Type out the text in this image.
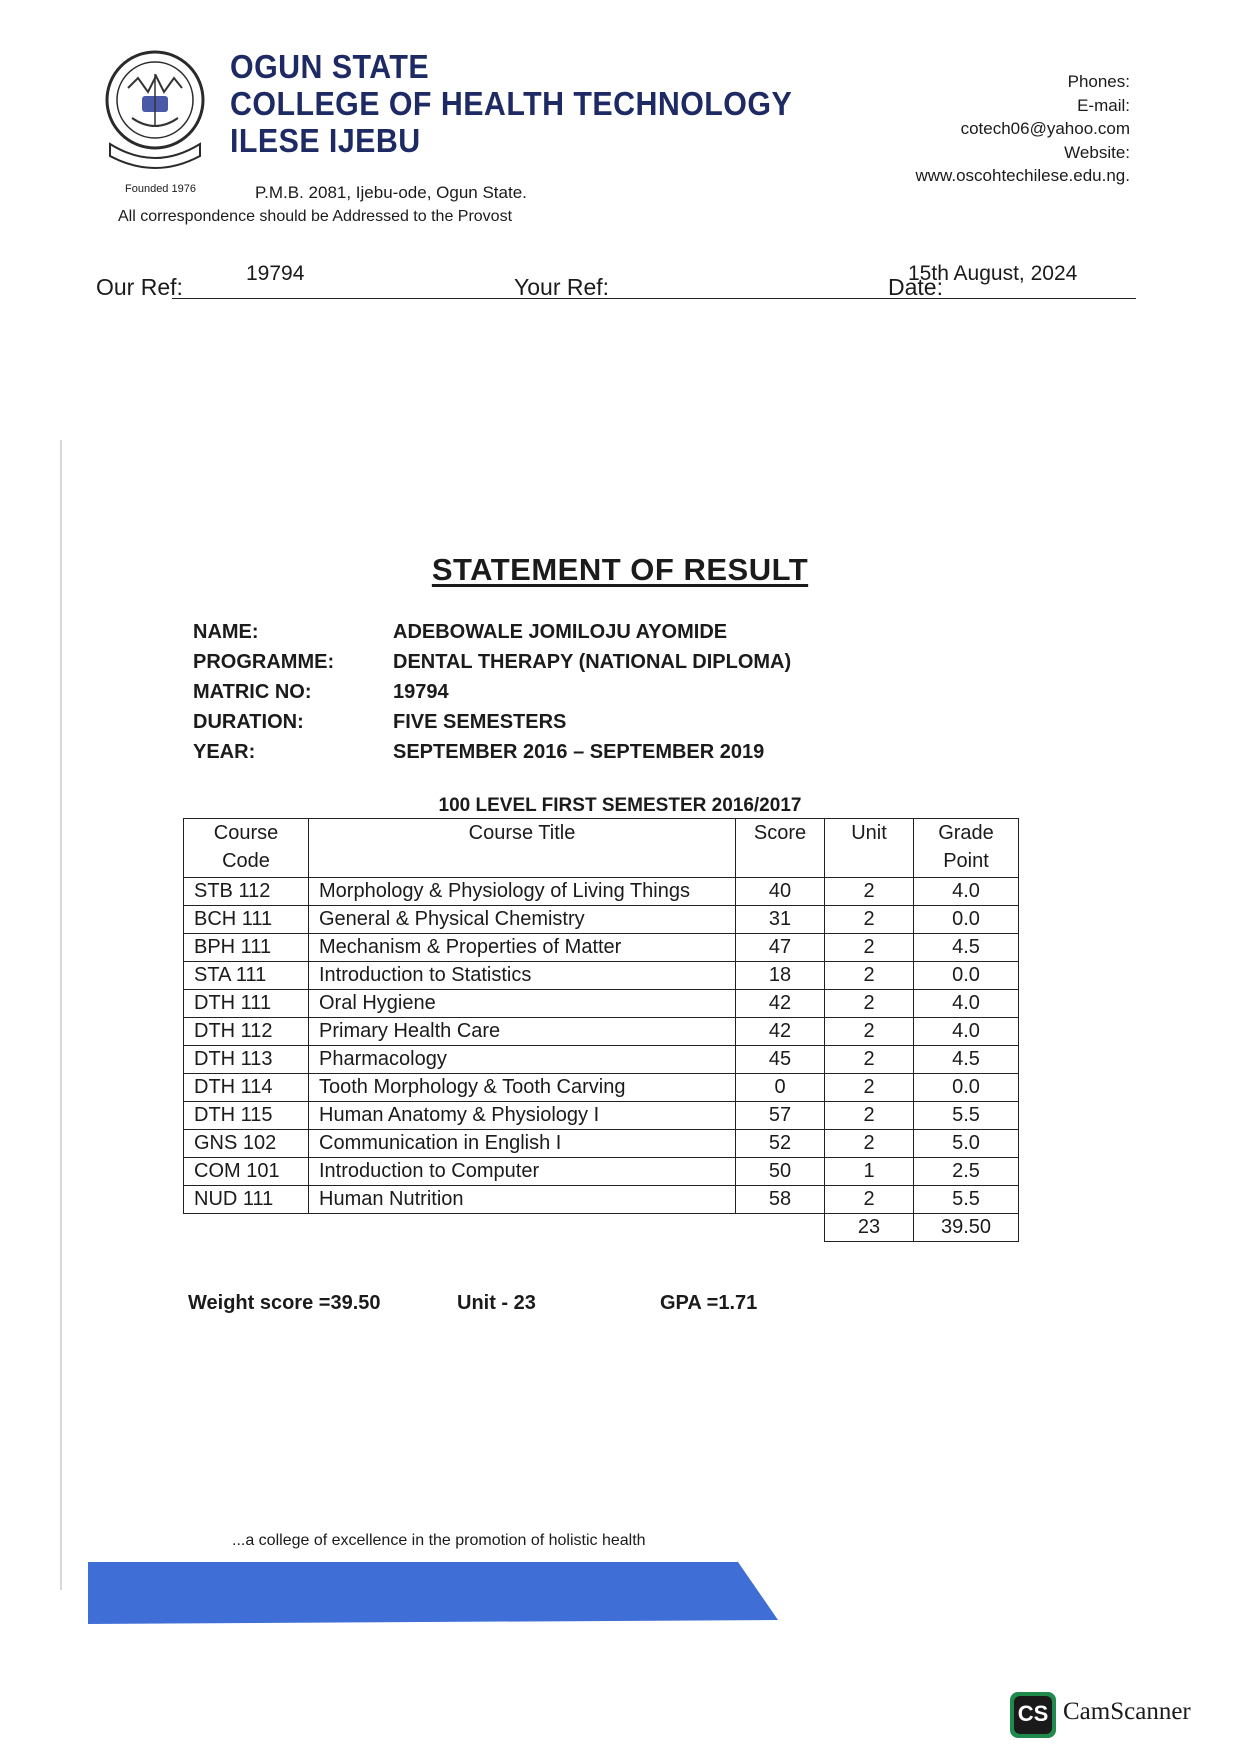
Founded 1976
OGUN STATE
COLLEGE OF HEALTH TECHNOLOGY
ILESE IJEBU
P.M.B. 2081, Ijebu-ode, Ogun State.
All correspondence should be Addressed to the Provost
Phones:
E-mail:
cotech06@yahoo.com
Website:
www.oscohtechilese.edu.ng.
Our Ref:
19794
Your Ref:	Date:
15th August, 2024
STATEMENT OF RESULT
NAME:	ADEBOWALE JOMILOJU AYOMIDE
PROGRAMME:	DENTAL THERAPY (NATIONAL DIPLOMA)
MATRIC NO:	19794
DURATION:	FIVE SEMESTERS
YEAR:	SEPTEMBER 2016 – SEPTEMBER 2019
100 LEVEL FIRST SEMESTER 2016/2017
Course Code	Course Title	Score	Unit	Grade Point
STB 112	Morphology & Physiology of Living Things	40	2	4.0
BCH 111	General & Physical Chemistry	31	2	0.0
BPH 111	Mechanism & Properties of Matter	47	2	4.5
STA 111	Introduction to Statistics	18	2	0.0
DTH 111	Oral Hygiene	42	2	4.0
DTH 112	Primary Health Care	42	2	4.0
DTH 113	Pharmacology	45	2	4.5
DTH 114	Tooth Morphology & Tooth Carving	0	2	0.0
DTH 115	Human Anatomy & Physiology I	57	2	5.5
GNS 102	Communication in English I	52	2	5.0
COM 101	Introduction to Computer	50	1	2.5
NUD 111	Human Nutrition	58	2	5.5
			23	39.50
Weight score =39.50	Unit - 23	GPA =1.71
...a college of excellence in the promotion of holistic health
CS CamScanner
